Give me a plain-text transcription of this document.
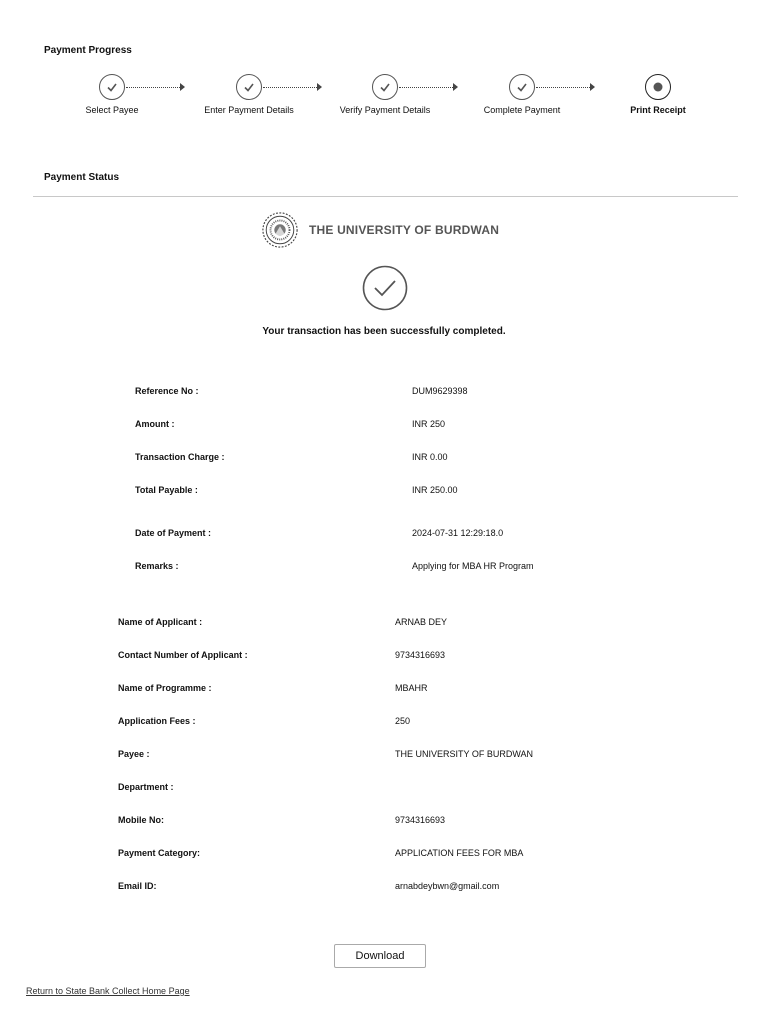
Payment Progress
Select Payee	Enter Payment Details	Verify Payment Details	Complete Payment	Print Receipt
Payment Status
THE UNIVERSITY OF BURDWAN
Your transaction has been successfully completed.
Reference No :	DUM9629398
Amount :	INR 250
Transaction Charge :	INR 0.00
Total Payable :	INR 250.00
Date of Payment :	2024-07-31 12:29:18.0
Remarks :	Applying for MBA HR Program
Name of Applicant :	ARNAB DEY
Contact Number of Applicant :	9734316693
Name of Programme :	MBAHR
Application Fees :	250
Payee :	THE UNIVERSITY OF BURDWAN
Department :
Mobile No:	9734316693
Payment Category:	APPLICATION FEES FOR MBA
Email ID:	arnabdeybwn@gmail.com
Download
Return to State Bank Collect Home Page
